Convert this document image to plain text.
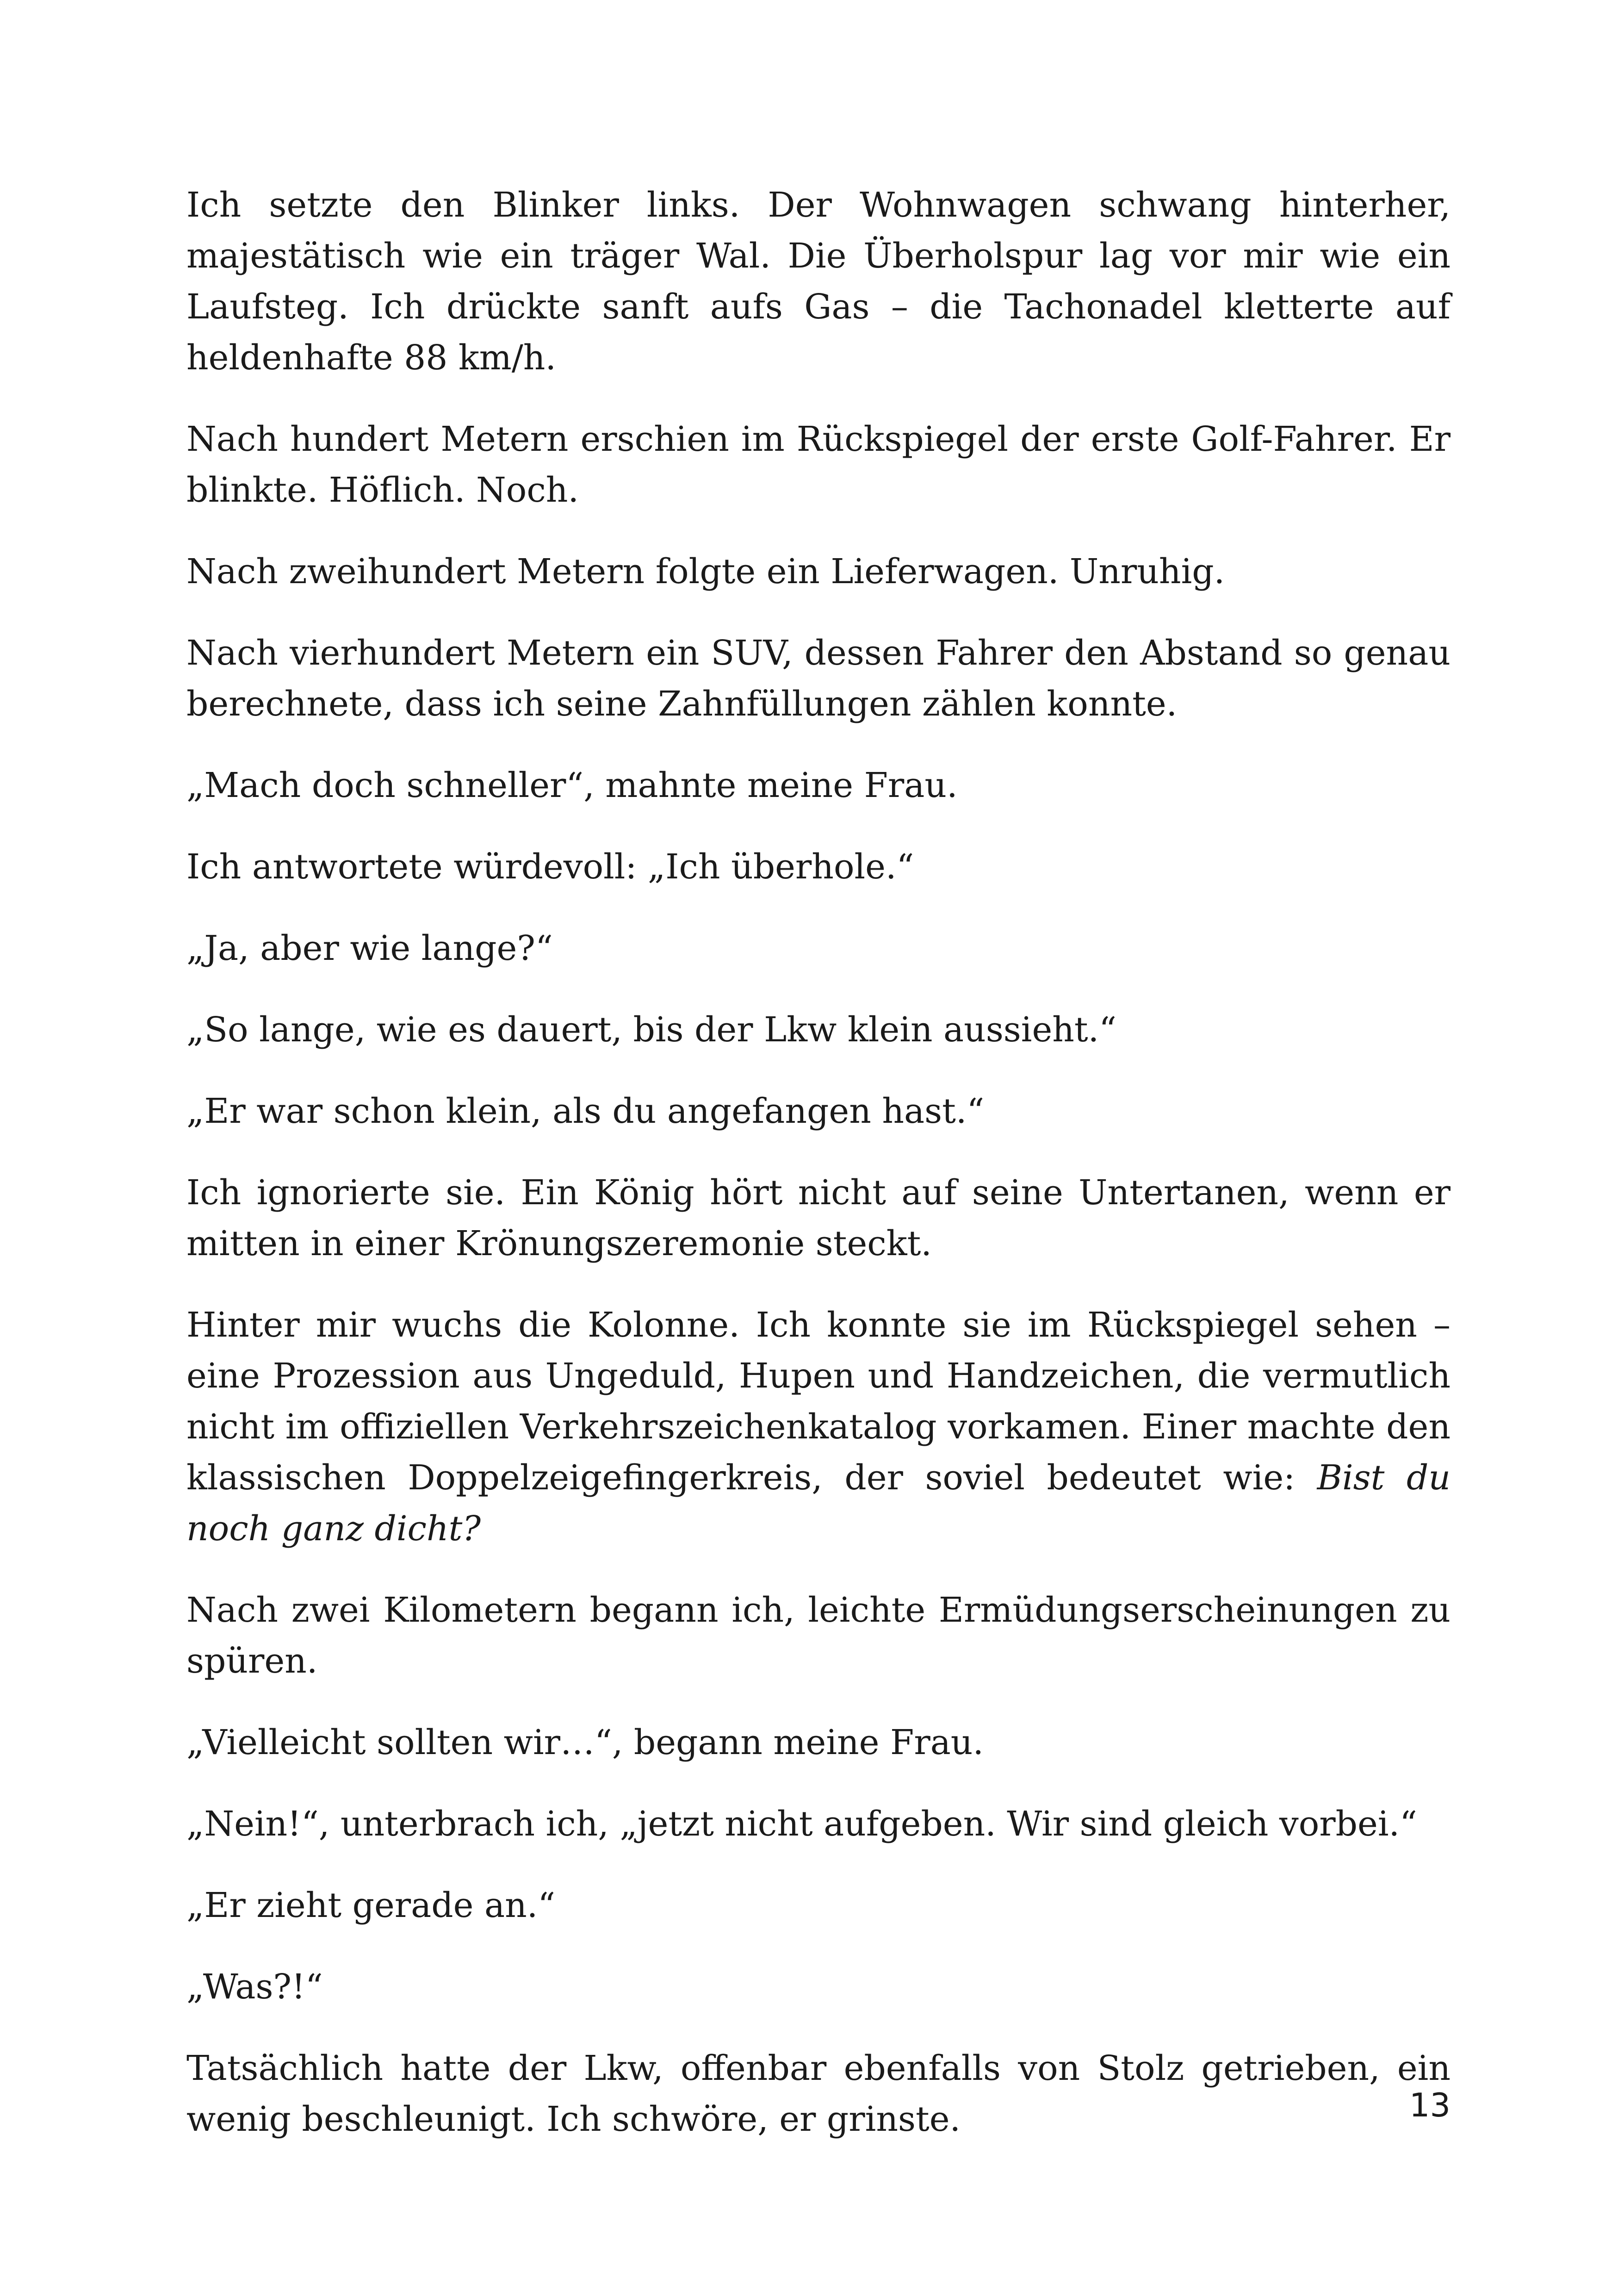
Ich setzte den Blinker links. Der Wohnwagen schwang hinterher, majestätisch wie ein träger Wal. Die Überholspur lag vor mir wie ein Laufsteg. Ich drückte sanft aufs Gas – die Tachonadel kletterte auf heldenhafte 88 km/h.

Nach hundert Metern erschien im Rückspiegel der erste Golf-Fahrer. Er blinkte. Höflich. Noch.

Nach zweihundert Metern folgte ein Lieferwagen. Unruhig.

Nach vierhundert Metern ein SUV, dessen Fahrer den Abstand so genau berechnete, dass ich seine Zahnfüllungen zählen konnte.

„Mach doch schneller“, mahnte meine Frau.

Ich antwortete würdevoll: „Ich überhole.“

„Ja, aber wie lange?“

„So lange, wie es dauert, bis der Lkw klein aussieht.“

„Er war schon klein, als du angefangen hast.“

Ich ignorierte sie. Ein König hört nicht auf seine Untertanen, wenn er mitten in einer Krönungszeremonie steckt.

Hinter mir wuchs die Kolonne. Ich konnte sie im Rückspiegel sehen – eine Prozession aus Ungeduld, Hupen und Handzeichen, die vermutlich nicht im offiziellen Verkehrszeichenkatalog vorkamen. Einer machte den klassischen Doppelzeigefingerkreis, der soviel bedeutet wie: Bist du noch ganz dicht?

Nach zwei Kilometern begann ich, leichte Ermüdungserscheinungen zu spüren.

„Vielleicht sollten wir…“, begann meine Frau.

„Nein!“, unterbrach ich, „jetzt nicht aufgeben. Wir sind gleich vorbei.“

„Er zieht gerade an.“

„Was?!“

Tatsächlich hatte der Lkw, offenbar ebenfalls von Stolz getrieben, ein wenig beschleunigt. Ich schwöre, er grinste.	13
